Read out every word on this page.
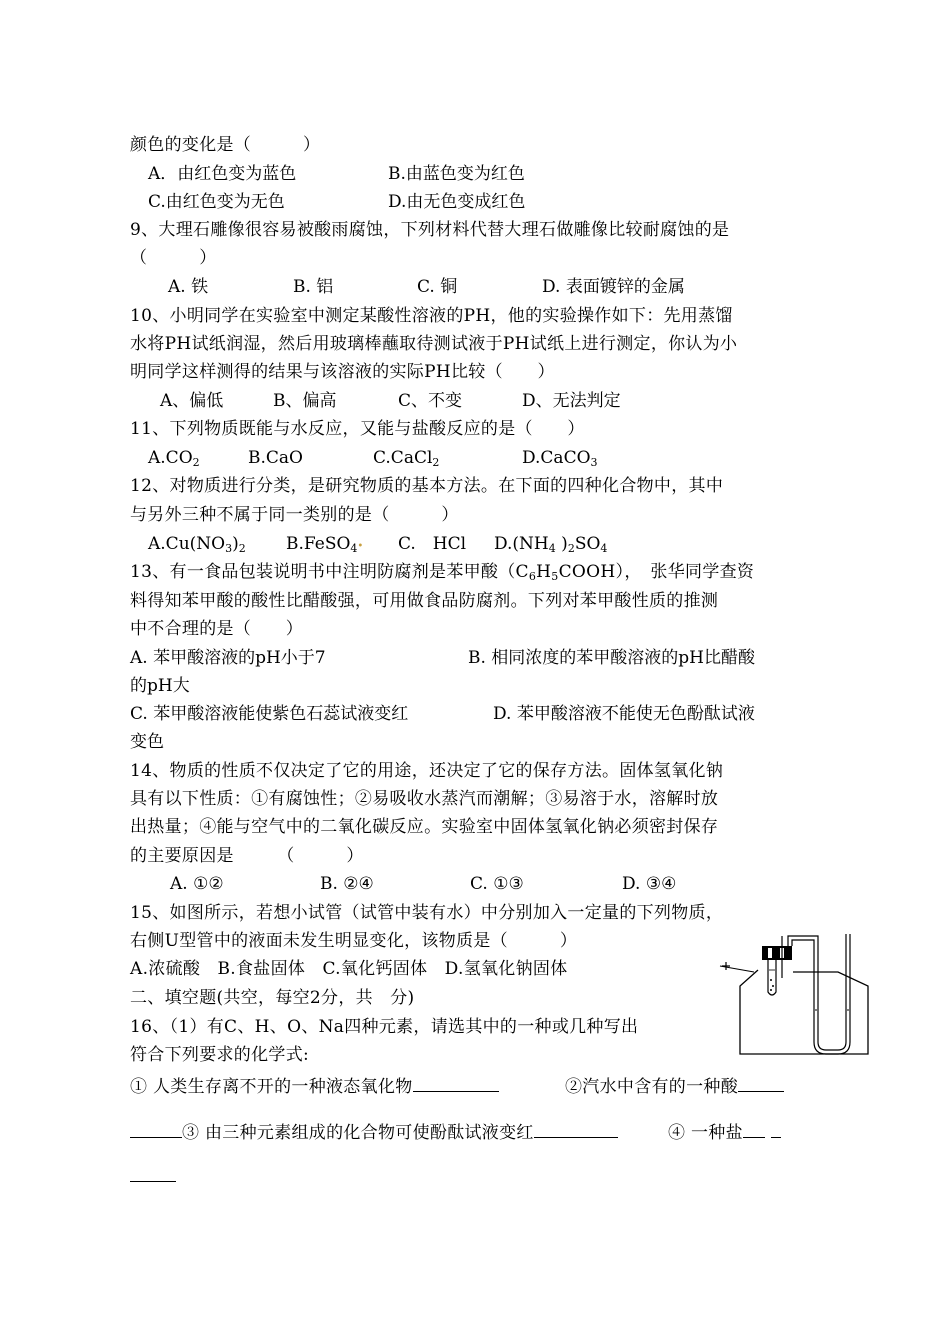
颜色的变化是（　　　）
A．由红色变为蓝色	B.由蓝色变为红色
C.由红色变为无色	D.由无色变成红色
9、大理石雕像很容易被酸雨腐蚀，下列材料代替大理石做雕像比较耐腐蚀的是
（　　　）
A. 铁	B. 铝	C. 铜	D. 表面镀锌的金属
10、小明同学在实验室中测定某酸性溶液的PH，他的实验操作如下：先用蒸馏
水将PH试纸润湿，然后用玻璃棒蘸取待测试液于PH试纸上进行测定，你认为小
明同学这样测得的结果与该溶液的实际PH比较（　　）
A、偏低	B、偏高	C、不变	D、无法判定
11、下列物质既能与水反应，又能与盐酸反应的是（　　）
$A.CO_2$	B.CaO	C.CaCl$_2$	D.CaCO$_3$
12、对物质进行分类，是研究物质的基本方法。在下面的四种化合物中，其中
与另外三种不属于同一类别的是（　　　）
$A.Cu(NO_3)_2$ B.FeSO$_4$• C.　HCl $D.(NH_4$ )$_2SO_4$
13、有一食品包装说明书中注明防腐剂是苯甲酸$(C_6H_5COOH)$，　张华同学查资
料得知苯甲酸的酸性比醋酸强，可用做食品防腐剂。下列对苯甲酸性质的推测
中不合理的是（　　）
A. 苯甲酸溶液的pH小于7	B. 相同浓度的苯甲酸溶液的pH比醋酸
的pH大
C. 苯甲酸溶液能使紫色石蕊试液变红	D. 苯甲酸溶液不能使无色酚酞试液
变色
14、物质的性质不仅决定了它的用途，还决定了它的保存方法。固体氢氧化钠
具有以下性质：①有腐蚀性；②易吸收水蒸汽而潮解；③易溶于水，溶解时放
出热量；④能与空气中的二氧化碳反应。实验室中固体氢氧化钠必须密封保存
的主要原因是　　　（　　　）
A. ①②	B. ②④	C. ①③	D. ③④
15、如图所示，若想小试管（试管中装有水）中分别加入一定量的下列物质，
右侧U型管中的液面未发生明显变化，该物质是（　　　）
A.浓硫酸　B.食盐固体　C.氧化钙固体　D.氢氧化钠固体
二、填空题(共空，每空2分，共　分)
16、（1）有C、H、O、Na四种元素，请选其中的一种或几种写出
符合下列要求的化学式:
① 人类生存离不开的一种液态氧化物	②汽水中含有的一种酸
③ 由三种元素组成的化合物可使酚酞试液变红	④ 一种盐
